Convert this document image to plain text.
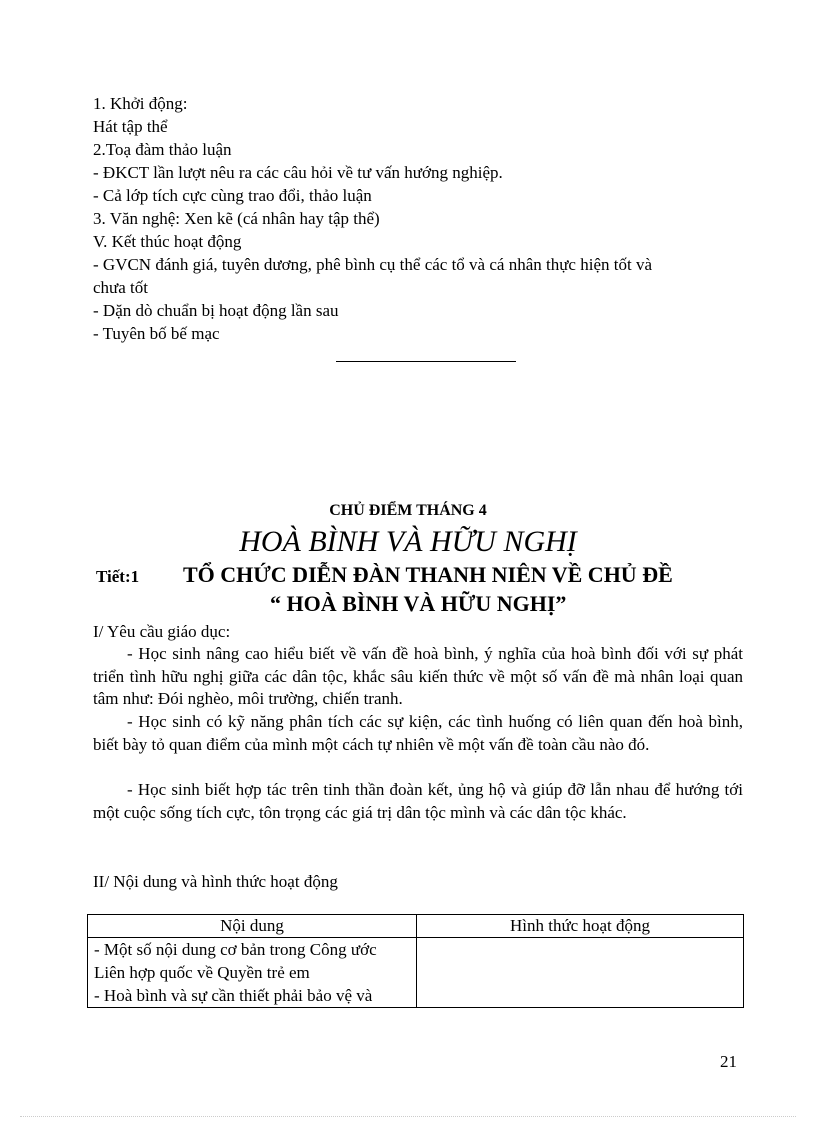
1. Khởi động:
Hát tập thể
2.Toạ đàm thảo luận
- ĐKCT lần lượt nêu ra các câu hỏi về tư vấn hướng nghiệp.
- Cả lớp tích cực cùng trao đổi, thảo luận
3. Văn nghệ: Xen kẽ (cá nhân hay tập thể)
V. Kết thúc hoạt động
- GVCN đánh giá, tuyên dương, phê bình cụ thể các tổ và cá nhân thực hiện tốt và
chưa tốt
- Dặn dò chuẩn bị hoạt động lần sau
- Tuyên bố bế mạc
CHỦ ĐIỂM THÁNG 4
HOÀ BÌNH VÀ HỮU NGHỊ
Tiết:1 TỔ CHỨC DIỄN ĐÀN THANH NIÊN VỀ CHỦ ĐỀ
“ HOÀ BÌNH VÀ HỮU NGHỊ”
I/ Yêu cầu giáo dục:
- Học sinh nâng cao hiểu biết về vấn đề hoà bình, ý nghĩa của hoà bình đối với sự phát triển tình hữu nghị giữa các dân tộc, khắc sâu kiến thức về một số vấn đề mà nhân loại quan tâm như: Đói nghèo, môi trường, chiến tranh.
- Học sinh có kỹ năng phân tích các sự kiện, các tình huống có liên quan đến hoà bình, biết bày tỏ quan điểm của mình một cách tự nhiên về một vấn đề toàn cầu nào đó.
- Học sinh biết hợp tác trên tinh thần đoàn kết, ủng hộ và giúp đỡ lẫn nhau để hướng tới một cuộc sống tích cực, tôn trọng các giá trị dân tộc mình và các dân tộc khác.
II/ Nội dung và hình thức hoạt động
Nội dung	Hình thức hoạt động

- Một số nội dung cơ bản trong Công ước
Liên hợp quốc về Quyền trẻ em
- Hoà bình và sự cần thiết phải bảo vệ và	

21
